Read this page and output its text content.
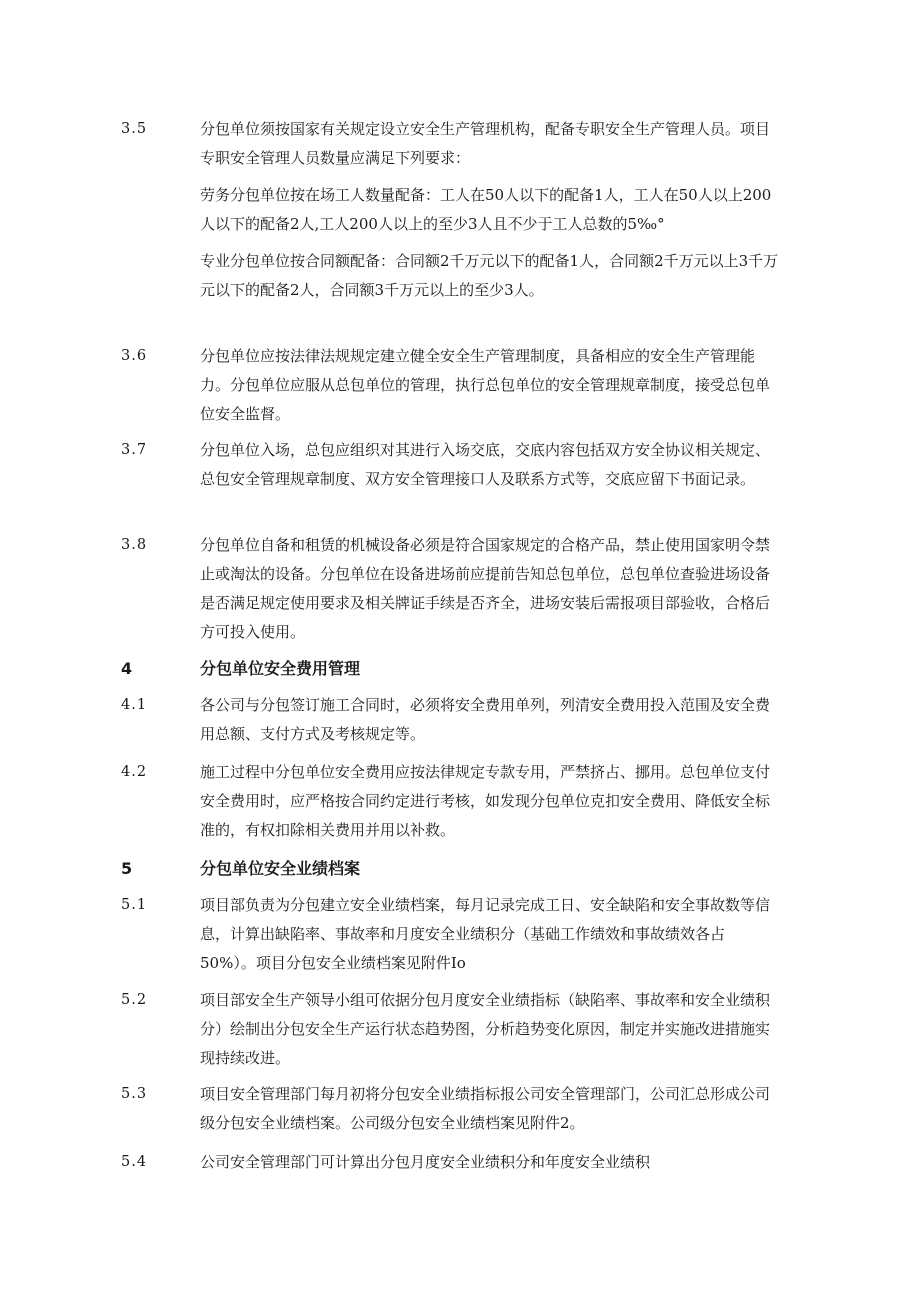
3.5	分包单位须按国家有关规定设立安全生产管理机构，配备专职安全生产管理人员。项目专职安全管理人员数量应满足下列要求：

劳务分包单位按在场工人数量配备：工人在50人以下的配备1人，工人在50人以上200人以下的配备2人,工人200人以上的至少3人且不少于工人总数的5‰°

专业分包单位按合同额配备：合同额2千万元以下的配备1人，合同额2千万元以上3千万元以下的配备2人，合同额3千万元以上的至少3人。

3.6	分包单位应按法律法规规定建立健全安全生产管理制度，具备相应的安全生产管理能力。分包单位应服从总包单位的管理，执行总包单位的安全管理规章制度，接受总包单位安全监督。

3.7	分包单位入场，总包应组织对其进行入场交底，交底内容包括双方安全协议相关规定、总包安全管理规章制度、双方安全管理接口人及联系方式等，交底应留下书面记录。

3.8	分包单位自备和租赁的机械设备必须是符合国家规定的合格产品，禁止使用国家明令禁止或淘汰的设备。分包单位在设备进场前应提前告知总包单位，总包单位查验进场设备是否满足规定使用要求及相关牌证手续是否齐全，进场安装后需报项目部验收，合格后方可投入使用。

4	分包单位安全费用管理

4.1	各公司与分包签订施工合同时，必须将安全费用单列，列清安全费用投入范围及安全费用总额、支付方式及考核规定等。

4.2	施工过程中分包单位安全费用应按法律规定专款专用，严禁挤占、挪用。总包单位支付安全费用时，应严格按合同约定进行考核，如发现分包单位克扣安全费用、降低安全标准的，有权扣除相关费用并用以补救。

5	分包单位安全业绩档案

5.1	项目部负责为分包建立安全业绩档案，每月记录完成工日、安全缺陷和安全事故数等信息，计算出缺陷率、事故率和月度安全业绩积分（基础工作绩效和事故绩效各占50%）。项目分包安全业绩档案见附件Io

5.2	项目部安全生产领导小组可依据分包月度安全业绩指标（缺陷率、事故率和安全业绩积分）绘制出分包安全生产运行状态趋势图，分析趋势变化原因，制定并实施改进措施实现持续改进。

5.3	项目安全管理部门每月初将分包安全业绩指标报公司安全管理部门，公司汇总形成公司级分包安全业绩档案。公司级分包安全业绩档案见附件2。

5.4	公司安全管理部门可计算出分包月度安全业绩积分和年度安全业绩积
